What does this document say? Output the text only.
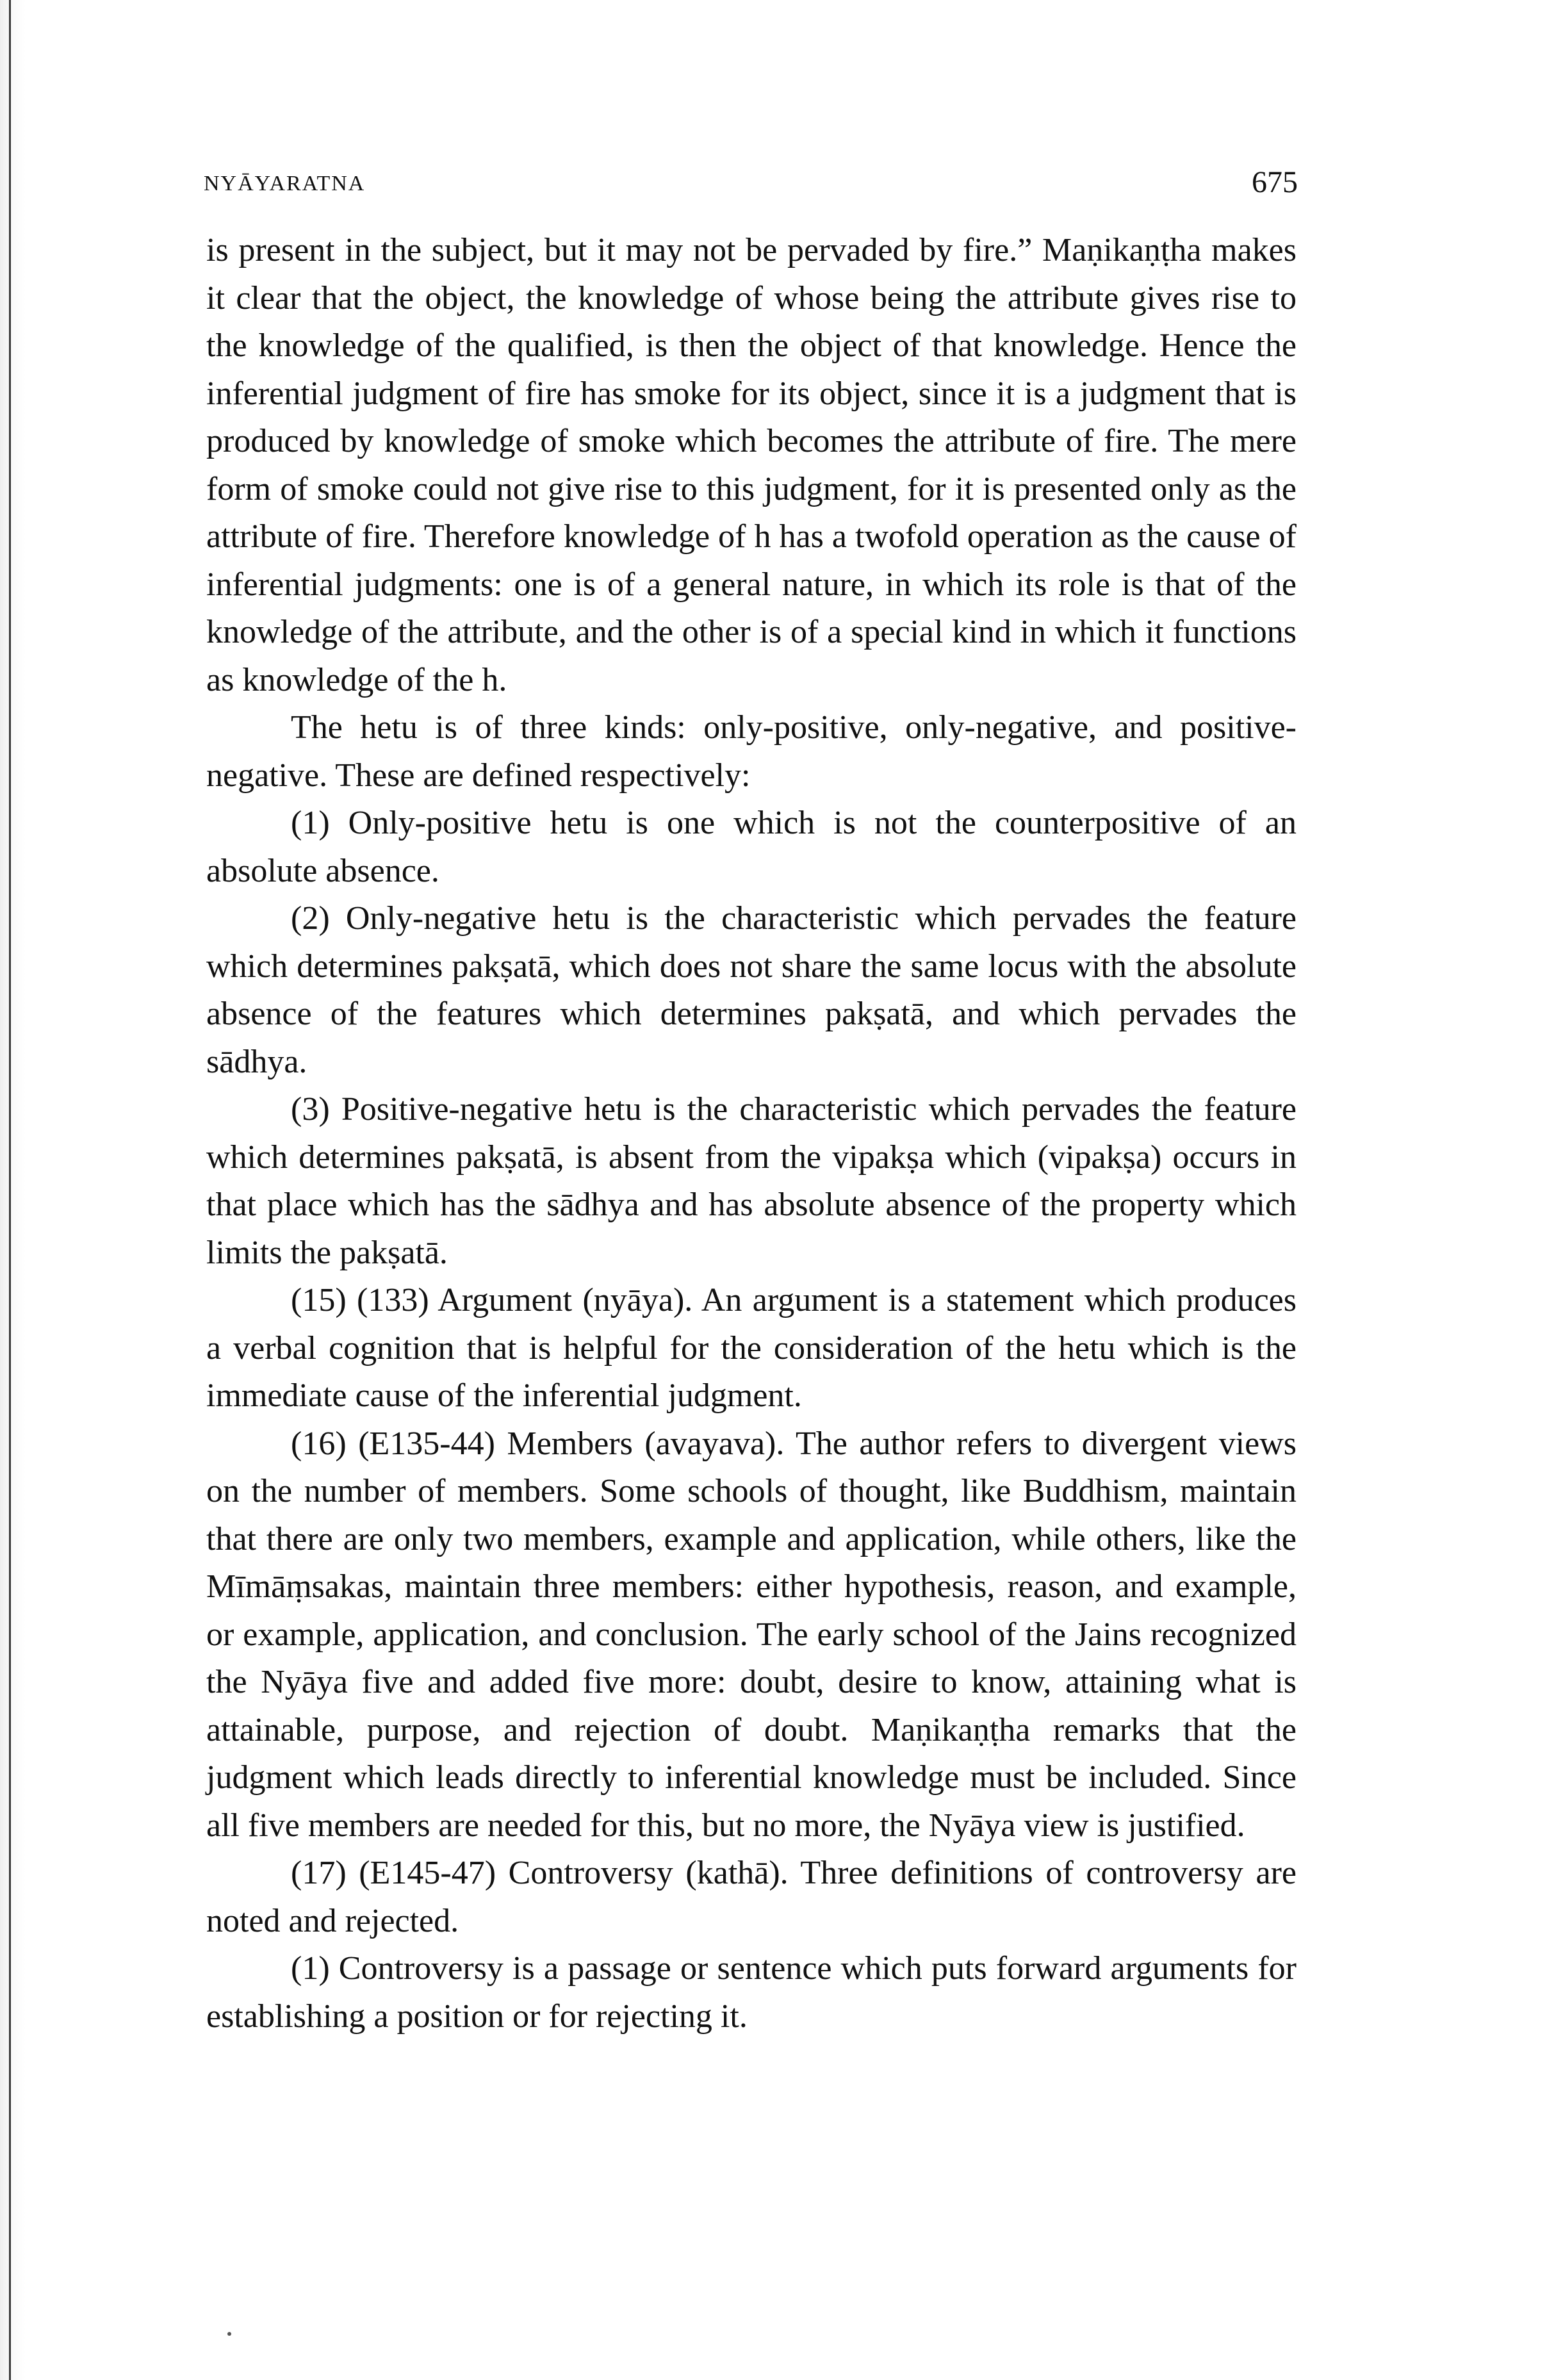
NYĀYARATNA	675

is present in the subject, but it may not be pervaded by fire.” Maṇikaṇṭha makes it clear that the object, the knowledge of whose being the attribute gives rise to the knowledge of the qualified, is then the object of that knowledge. Hence the inferential judgment of fire has smoke for its object, since it is a judgment that is produced by knowledge of smoke which becomes the attribute of fire. The mere form of smoke could not give rise to this judgment, for it is presented only as the attribute of fire. Therefore knowledge of h has a twofold operation as the cause of inferential judgments: one is of a general nature, in which its role is that of the knowledge of the attribute, and the other is of a special kind in which it functions as knowledge of the h.

The hetu is of three kinds: only-positive, only-negative, and positive-negative. These are defined respectively:

(1) Only-positive hetu is one which is not the counterpositive of an absolute absence.

(2) Only-negative hetu is the characteristic which pervades the feature which determines pakṣatā, which does not share the same locus with the absolute absence of the features which determines pakṣatā, and which pervades the sādhya.

(3) Positive-negative hetu is the characteristic which pervades the feature which determines pakṣatā, is absent from the vipakṣa which (vipakṣa) occurs in that place which has the sādhya and has absolute absence of the property which limits the pakṣatā.

(15) (133) Argument (nyāya). An argument is a statement which produces a verbal cognition that is helpful for the consideration of the hetu which is the immediate cause of the inferential judgment.

(16) (E135-44) Members (avayava). The author refers to divergent views on the number of members. Some schools of thought, like Buddhism, maintain that there are only two members, example and application, while others, like the Mīmāṃsakas, maintain three members: either hypothesis, reason, and example, or example, application, and conclusion. The early school of the Jains recognized the Nyāya five and added five more: doubt, desire to know, attaining what is attainable, purpose, and rejection of doubt. Maṇikaṇṭha remarks that the judgment which leads directly to inferential knowledge must be included. Since all five members are needed for this, but no more, the Nyāya view is justified.

(17) (E145-47) Controversy (kathā). Three definitions of controversy are noted and rejected.

(1) Controversy is a passage or sentence which puts forward arguments for establishing a position or for rejecting it.
